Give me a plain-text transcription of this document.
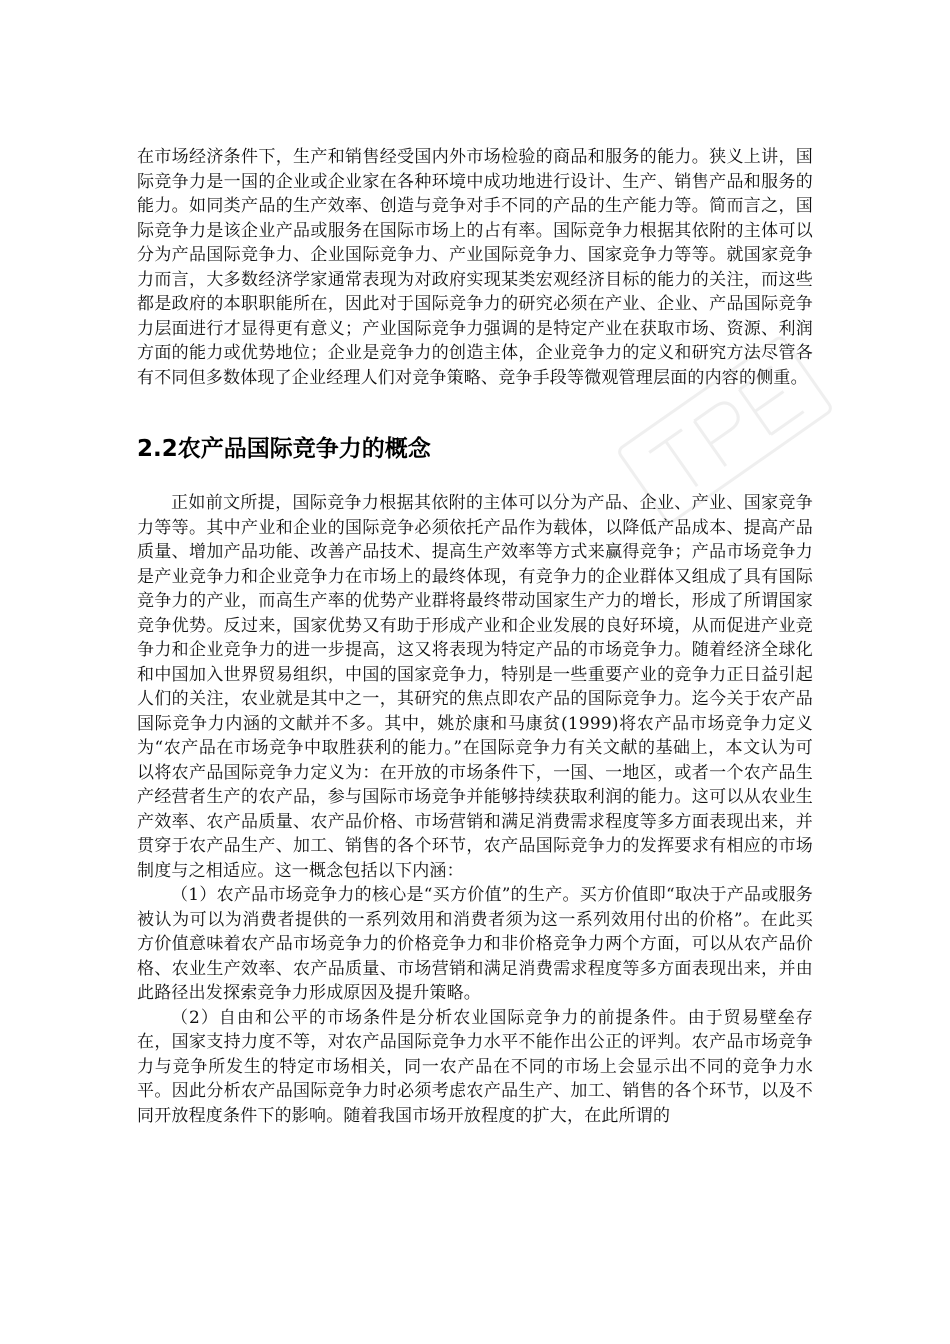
在市场经济条件下，生产和销售经受国内外市场检验的商品和服务的能力。狭义上讲，国际竞争力是一国的企业或企业家在各种环境中成功地进行设计、生产、销售产品和服务的能力。如同类产品的生产效率、创造与竞争对手不同的产品的生产能力等。简而言之，国际竞争力是该企业产品或服务在国际市场上的占有率。国际竞争力根据其依附的主体可以分为产品国际竞争力、企业国际竞争力、产业国际竞争力、国家竞争力等等。就国家竞争力而言，大多数经济学家通常表现为对政府实现某类宏观经济目标的能力的关注，而这些都是政府的本职职能所在，因此对于国际竞争力的研究必须在产业、企业、产品国际竞争力层面进行才显得更有意义；产业国际竞争力强调的是特定产业在获取市场、资源、利润方面的能力或优势地位；企业是竞争力的创造主体，企业竞争力的定义和研究方法尽管各有不同但多数体现了企业经理人们对竞争策略、竞争手段等微观管理层面的内容的侧重。

2.2农产品国际竞争力的概念

正如前文所提，国际竞争力根据其依附的主体可以分为产品、企业、产业、国家竞争力等等。其中产业和企业的国际竞争必须依托产品作为载体，以降低产品成本、提高产品质量、增加产品功能、改善产品技术、提高生产效率等方式来赢得竞争；产品市场竞争力是产业竞争力和企业竞争力在市场上的最终体现，有竞争力的企业群体又组成了具有国际竞争力的产业，而高生产率的优势产业群将最终带动国家生产力的增长，形成了所谓国家竞争优势。反过来，国家优势又有助于形成产业和企业发展的良好环境，从而促进产业竞争力和企业竞争力的进一步提高，这又将表现为特定产品的市场竞争力。随着经济全球化和中国加入世界贸易组织，中国的国家竞争力，特别是一些重要产业的竞争力正日益引起人们的关注，农业就是其中之一，其研究的焦点即农产品的国际竞争力。迄今关于农产品国际竞争力内涵的文献并不多。其中，姚於康和马康贫(1999)将农产品市场竞争力定义为“农产品在市场竞争中取胜获利的能力。”在国际竞争力有关文献的基础上，本文认为可以将农产品国际竞争力定义为：在开放的市场条件下，一国、一地区，或者一个农产品生产经营者生产的农产品，参与国际市场竞争并能够持续获取利润的能力。这可以从农业生产效率、农产品质量、农产品价格、市场营销和满足消费需求程度等多方面表现出来，并贯穿于农产品生产、加工、销售的各个环节，农产品国际竞争力的发挥要求有相应的市场制度与之相适应。这一概念包括以下内涵：

（1）农产品市场竞争力的核心是“买方价值”的生产。买方价值即“取决于产品或服务被认为可以为消费者提供的一系列效用和消费者须为这一系列效用付出的价格”。在此买方价值意味着农产品市场竞争力的价格竞争力和非价格竞争力两个方面，可以从农产品价格、农业生产效率、农产品质量、市场营销和满足消费需求程度等多方面表现出来，并由此路径出发探索竞争力形成原因及提升策略。

（2）自由和公平的市场条件是分析农业国际竞争力的前提条件。由于贸易壁垒存在，国家支持力度不等，对农产品国际竞争力水平不能作出公正的评判。农产品市场竞争力与竞争所发生的特定市场相关，同一农产品在不同的市场上会显示出不同的竞争力水平。因此分析农产品国际竞争力时必须考虑农产品生产、加工、销售的各个环节，以及不同开放程度条件下的影响。随着我国市场开放程度的扩大，在此所谓的
